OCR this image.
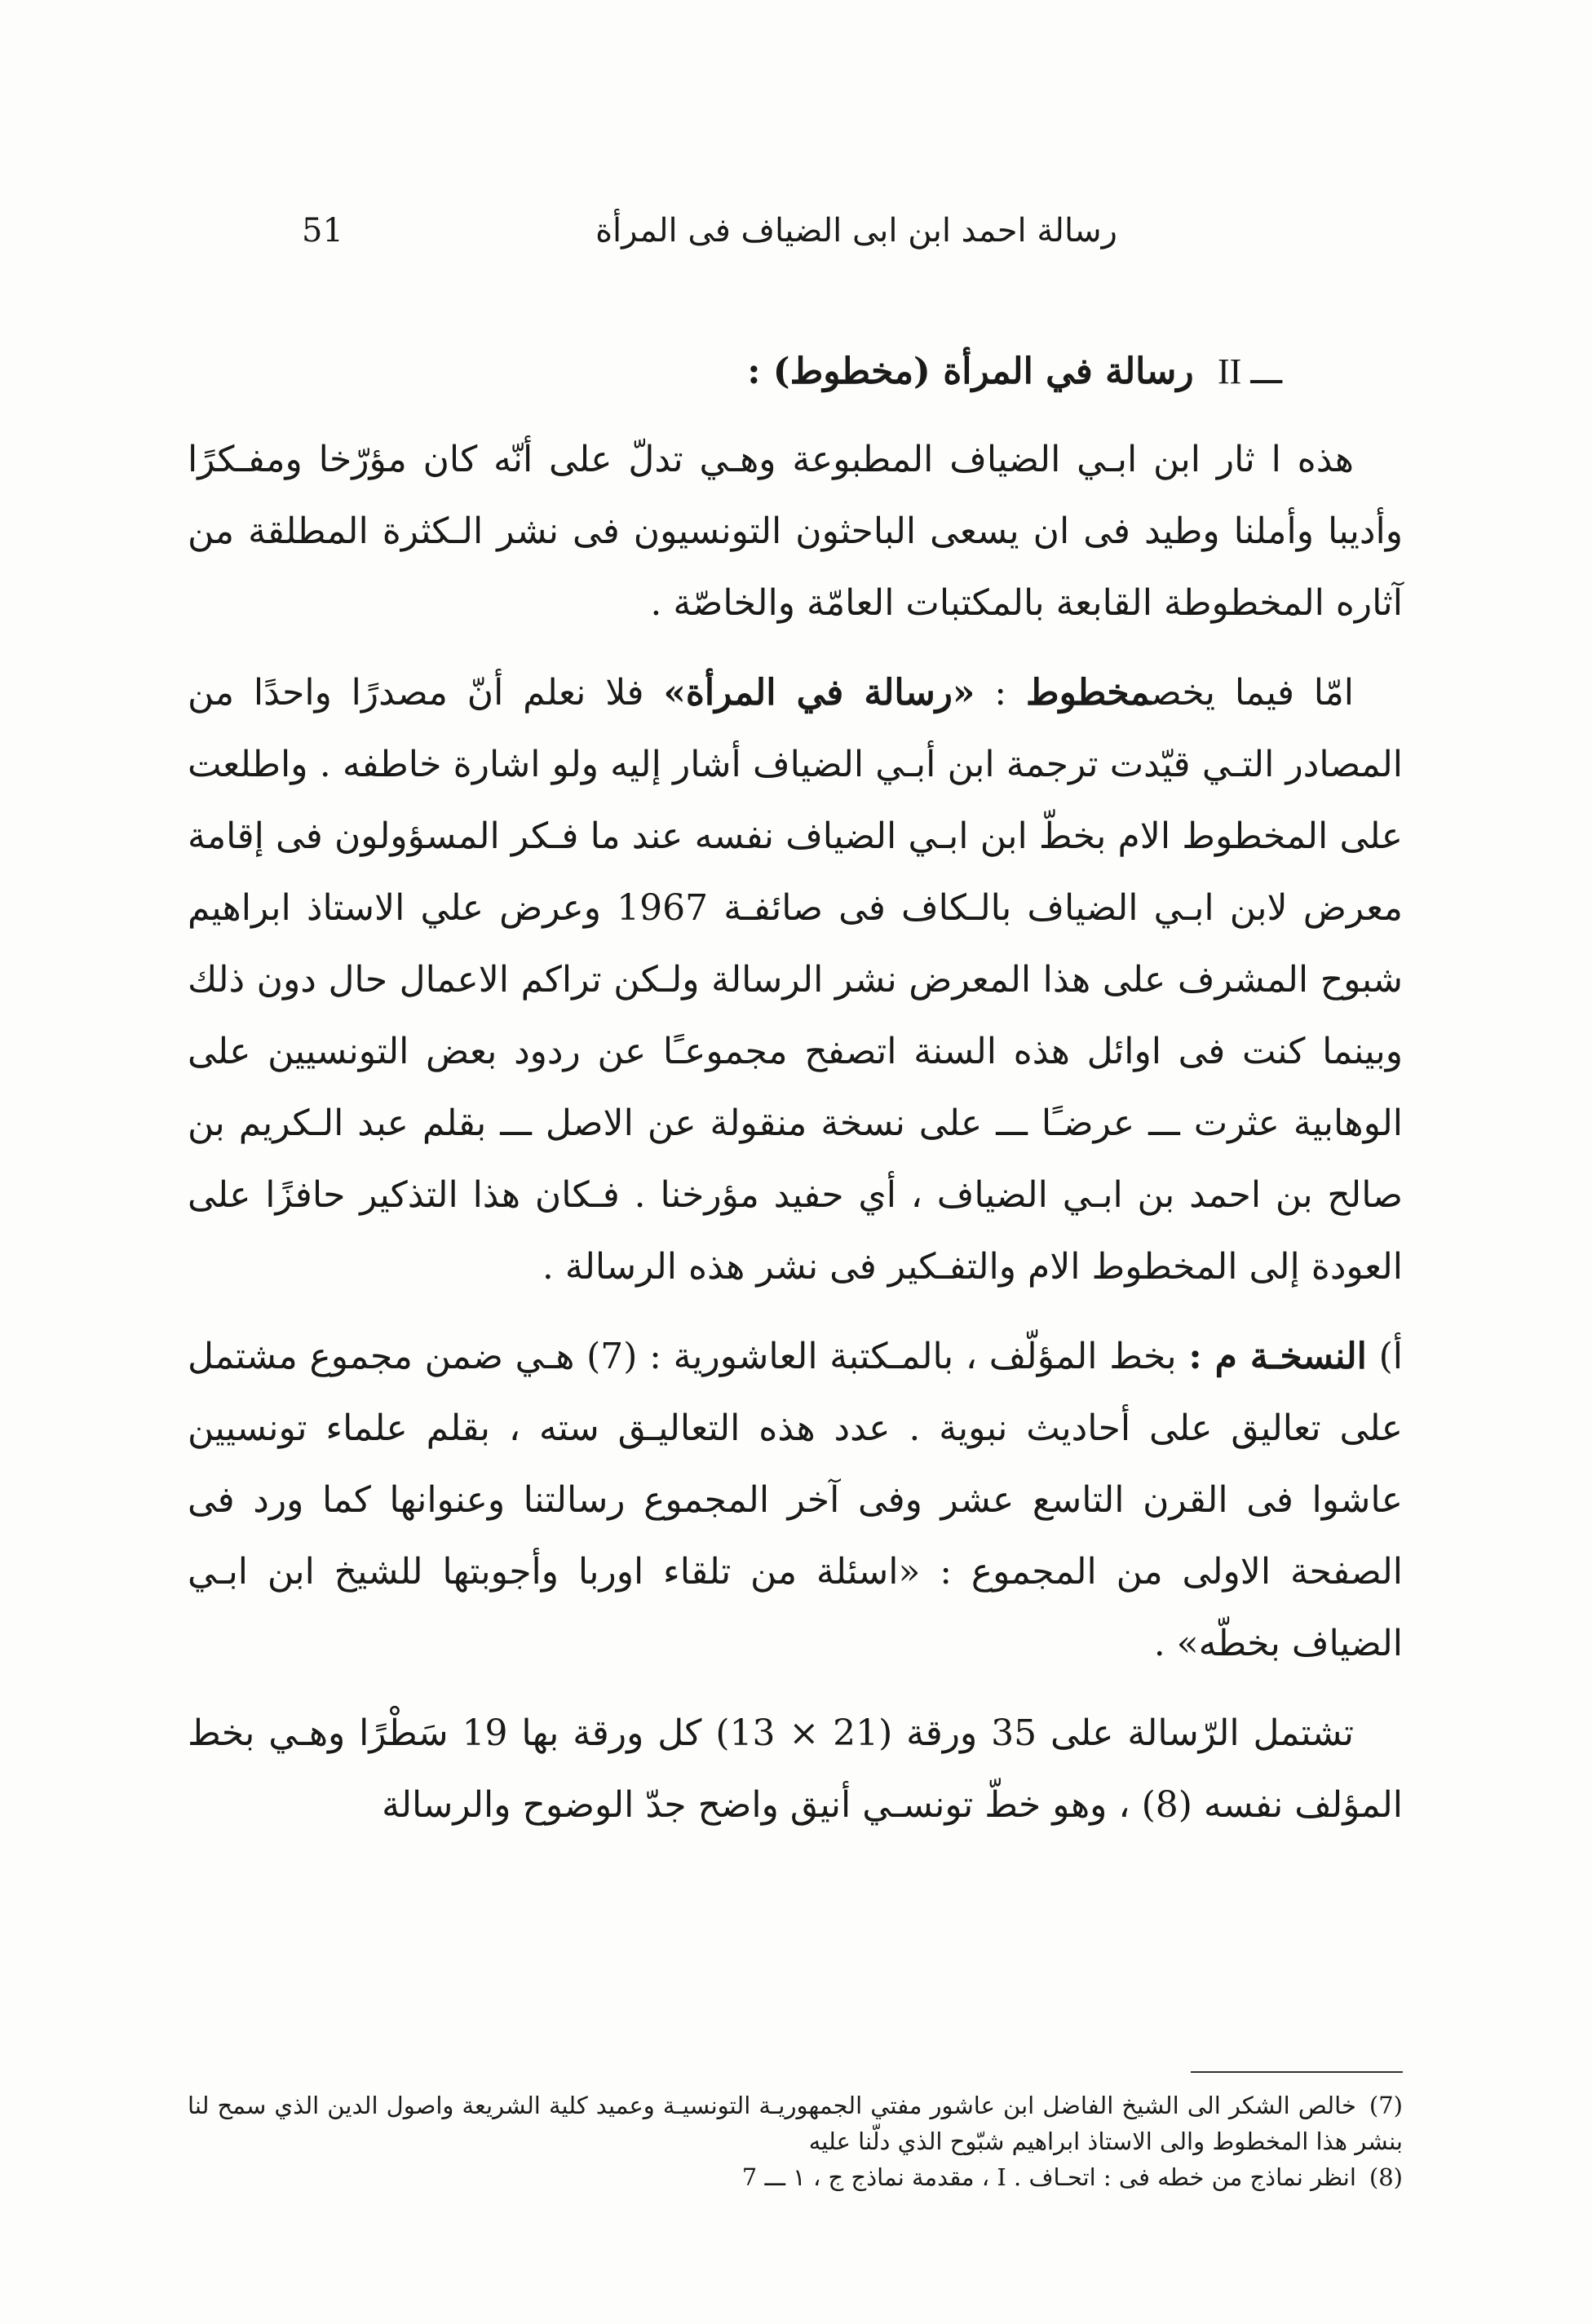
رسالة احمد ابن ابى الضياف فى المرأة
51
II ـــ رسالة في المرأة (مخطوط) :

هذه ا ثار ابن ابـي الضياف المطبوعة وهـي تدلّ على أنّه كان مؤرّخا ومفـكرًا وأديبا وأملنا وطيد فى ان يسعى الباحثون التونسيون فى نشر الـكثرة المطلقة من آثاره المخطوطة القابعة بالمكتبات العامّة والخاصّة .

امّا فيما يخصمخطوط : «رسالة في المرأة» فلا نعلم أنّ مصدرًا واحدًا من المصادر التـي قيّدت ترجمة ابن أبـي الضياف أشار إليه ولو اشارة خاطفه . واطلعت على المخطوط الام بخطّ ابن ابـي الضياف نفسه عند ما فـكر المسؤولون فى إقامة معرض لابن ابـي الضياف بالـكاف فى صائفـة 1967 وعرض علي الاستاذ ابراهيم شبوح المشرف على هذا المعرض نشر الرسالة ولـكن تراكم الاعمال حال دون ذلك وبينما كنت فى اوائل هذه السنة اتصفح مجموعـًا عن ردود بعض التونسيين على الوهابية عثرت ـــ عرضـًا ـــ على نسخة منقولة عن الاصل ـــ بقلم عبد الـكريم بن صالح بن احمد بن ابـي الضياف ، أي حفيد مؤرخنا . فـكان هذا التذكير حافزًا على العودة إلى المخطوط الام والتفـكير فى نشر هذه الرسالة .

أ) النسخـة م : بخط المؤلّف ، بالمـكتبة العاشورية : (7) هـي ضمن مجموع مشتمل على تعاليق على أحاديث نبوية . عدد هذه التعاليـق سته ، بقلم علماء تونسيين عاشوا فى القرن التاسع عشر وفى آخر المجموع رسالتنا وعنوانها كما ورد فى الصفحة الاولى من المجموع : «اسئلة من تلقاء اوربا وأجوبتها للشيخ ابن ابـي الضياف بخطّه» .

تشتمل الرّسالة على 35 ورقة (21 × 13) كل ورقة بها 19 سَطْرًا وهـي بخط المؤلف نفسه (8) ، وهو خطّ تونسـي أنيق واضح جدّ الوضوح والرسالة

(7)خالص الشكر الى الشيخ الفاضل ابن عاشور مفتي الجمهوريـة التونسيـة وعميد كلية الشريعة واصول الدين الذي سمح لنا بنشر هذا المخطوط والى الاستاذ ابراهيم شبّوح الذي دلّنا عليه

(8)انظر نماذج من خطه فى : اتحـاف . I ، مقدمة نماذج ج ، ١ ـــ 7
